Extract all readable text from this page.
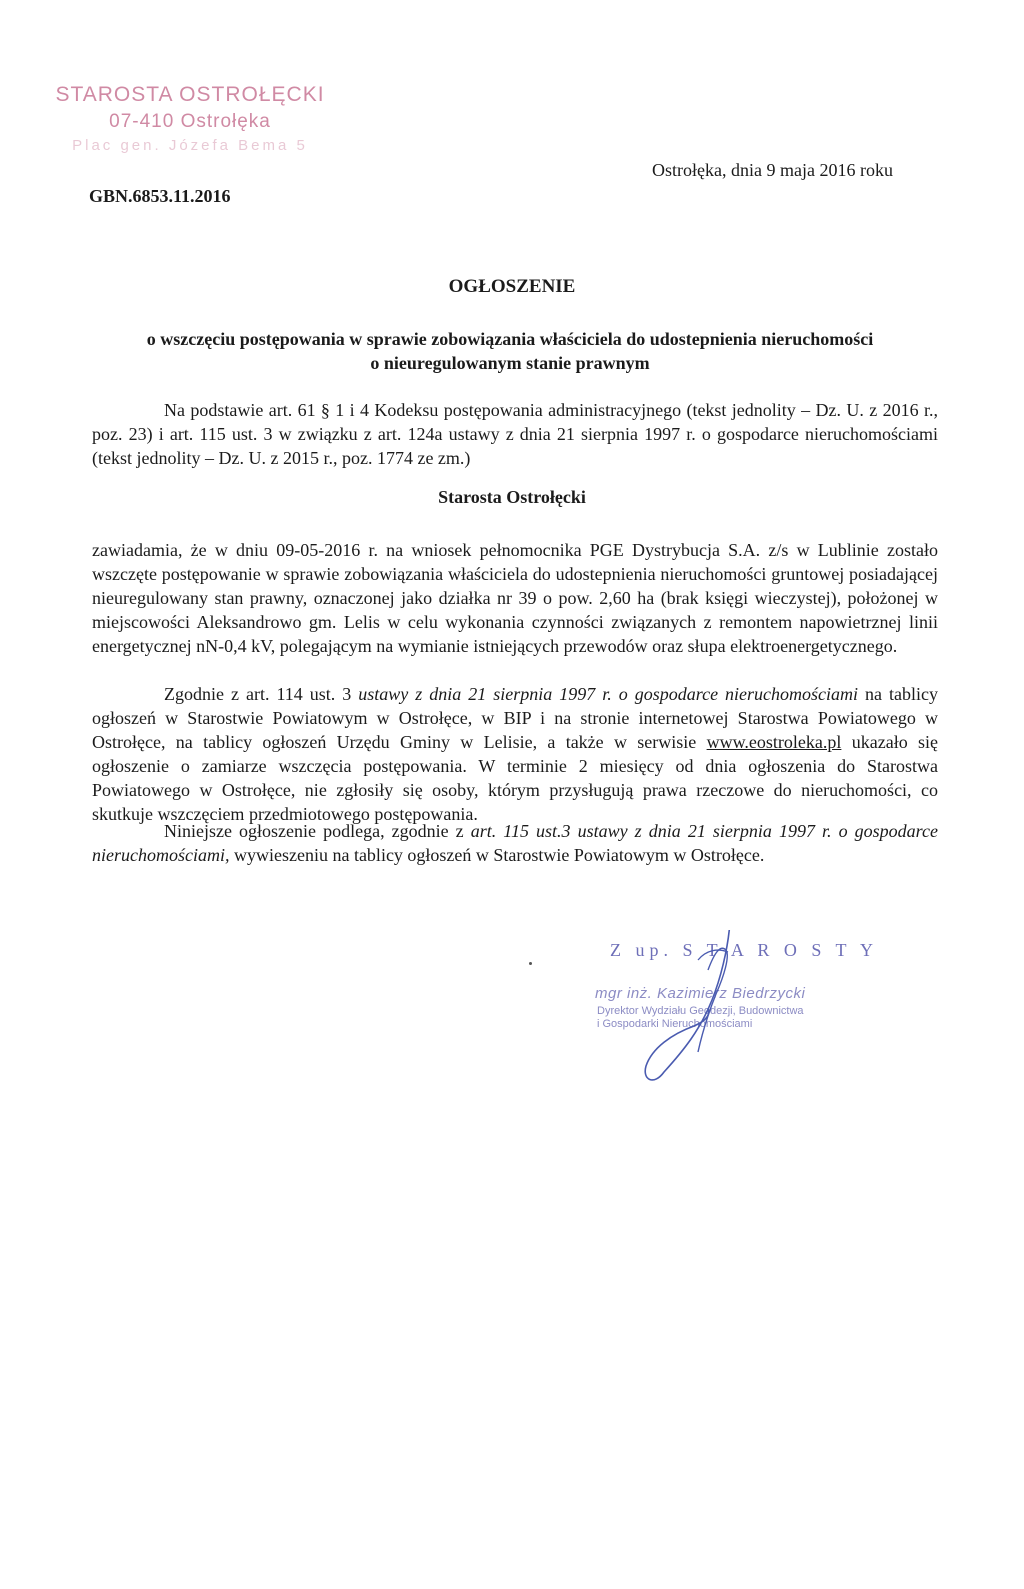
STAROSTA OSTROŁĘCKI
07-410 Ostrołęka
Plac gen. Józefa Bema 5
Ostrołęka, dnia 9 maja 2016 roku
GBN.6853.11.2016
OGŁOSZENIE
o wszczęciu postępowania w sprawie zobowiązania właściciela do udostepnienia nieruchomości
o nieuregulowanym stanie prawnym
Na podstawie art. 61 § 1 i 4 Kodeksu postępowania administracyjnego (tekst jednolity – Dz. U. z 2016 r., poz. 23) i art. 115 ust. 3 w związku z art. 124a ustawy z dnia 21 sierpnia 1997 r. o gospodarce nieruchomościami (tekst jednolity – Dz. U. z 2015 r., poz. 1774 ze zm.)
Starosta Ostrołęcki
zawiadamia, że w dniu 09-05-2016 r. na wniosek pełnomocnika PGE Dystrybucja S.A. z/s w Lublinie zostało wszczęte postępowanie w sprawie zobowiązania właściciela do udostepnienia nieruchomości gruntowej posiadającej nieuregulowany stan prawny, oznaczonej jako działka nr 39 o pow. 2,60 ha (brak księgi wieczystej), położonej w miejscowości Aleksandrowo gm. Lelis w celu wykonania czynności związanych z remontem napowietrznej linii energetycznej nN-0,4 kV, polegającym na wymianie istniejących przewodów oraz słupa elektroenergetycznego.
Zgodnie z art. 114 ust. 3 ustawy z dnia 21 sierpnia 1997 r. o gospodarce nieruchomościami na tablicy ogłoszeń w Starostwie Powiatowym w Ostrołęce, w BIP i na stronie internetowej Starostwa Powiatowego w Ostrołęce, na tablicy ogłoszeń Urzędu Gminy w Lelisie, a także w serwisie www.eostroleka.pl ukazało się ogłoszenie o zamiarze wszczęcia postępowania. W terminie 2 miesięcy od dnia ogłoszenia do Starostwa Powiatowego w Ostrołęce, nie zgłosiły się osoby, którym przysługują prawa rzeczowe do nieruchomości, co skutkuje wszczęciem przedmiotowego postępowania.
Niniejsze ogłoszenie podlega, zgodnie z art. 115 ust.3 ustawy z dnia 21 sierpnia 1997 r. o gospodarce nieruchomościami, wywieszeniu na tablicy ogłoszeń w Starostwie Powiatowym w Ostrołęce.
Z up. S T A R O S T Y
mgr inż. Kazimierz Biedrzycki
Dyrektor Wydziału Geodezji, Budownictwa
i Gospodarki Nieruchomościami
